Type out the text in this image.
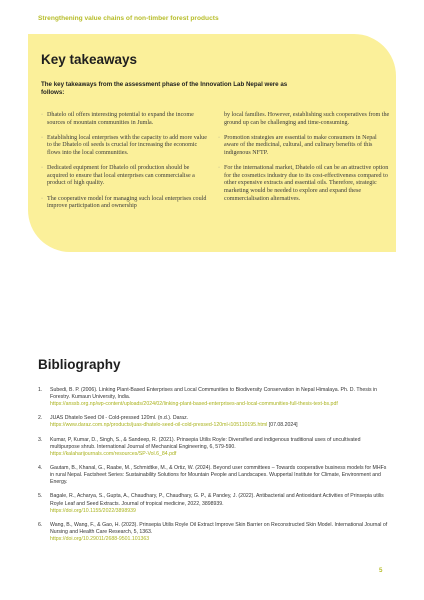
Strengthening value chains of non-timber forest products
Key takeaways
The key takeaways from the assessment phase of the Innovation Lab Nepal were as follows:
· Dhatelo oil offers interesting potential to expand the income sources of mountain communities in Jumla.
· Establishing local enterprises with the capacity to add more value to the Dhatelo oil seeds is crucial for increasing the economic flows into the local communities.
· Dedicated equipment for Dhatelo oil production should be acquired to ensure that local enterprises can commercialise a product of high quality.
· The cooperative model for managing such local enterprises could improve participation and ownership
by local families. However, establishing such cooperatives from the ground up can be challenging and time-consuming.
· Promotion strategies are essential to make consumers in Nepal aware of the medicinal, cultural, and culinary benefits of this indigenous NFTP.
· For the international market, Dhatelo oil can be an attractive option for the cosmetics industry due to its cost-effectiveness compared to other expensive extracts and essential oils. Therefore, strategic marketing would be needed to explore and expand these commercialisation alternatives.
Bibliography
1. Subedi, B. P. (2006). Linking Plant-Based Enterprises and Local Communities to Biodiversity Conservation in Nepal Himalaya. Ph. D. Thesis in Forestry. Kumaun University, India.
https://anssb.org.np/wp-content/uploads/2024/02/linking-plant-based-enterprises-and-local-communities-full-thesis-text-bs.pdf
2. JUAS Dhatelo Seed Oil - Cold-pressed 120ml. (n.d.). Daraz.
https://www.daraz.com.np/products/juas-dhatelo-seed-oil-cold-pressed-120ml-i105110195.html [07.08.2024]
3. Kumar, P, Kumar, D., Singh, S., & Sandeep, R. (2021). Prinsepia Utilis Royle: Diversified and indigenous traditional uses of uncultivated multipurpose shrub. International Journal of Mechanical Engineering, 6, 579-590.
https://kalaharijournals.com/resources/SP-Vol.6_84.pdf
4. Gautam, B., Khanal, G., Raabe, M., Schmidtke, M., & Ortiz, W. (2024). Beyond user committees – Towards cooperative business models for MHFs in rural Nepal. Factsheet Series: Sustainability Solutions for Mountain People and Landscapes. Wuppertal Institute for Climate, Environment and Energy.
5. Bagale, R., Acharya, S., Gupta, A., Chaudhary, P., Chaudhary, G. P., & Pandey, J. (2022). Antibacterial and Antioxidant Activities of Prinsepia utilis Royle Leaf and Seed Extracts. Journal of tropical medicine, 2022, 3898939.
https://doi.org/10.1155/2022/3898939
6. Wang, B., Wang, F., & Gao, H. (2023). Prinsepia Utilis Royle Oil Extract Improve Skin Barrier on Reconstructed Skin Model. International Journal of Nursing and Health Care Research, 5, 1363.
https://doi.org/10.29011/2688-9501.101363
5
